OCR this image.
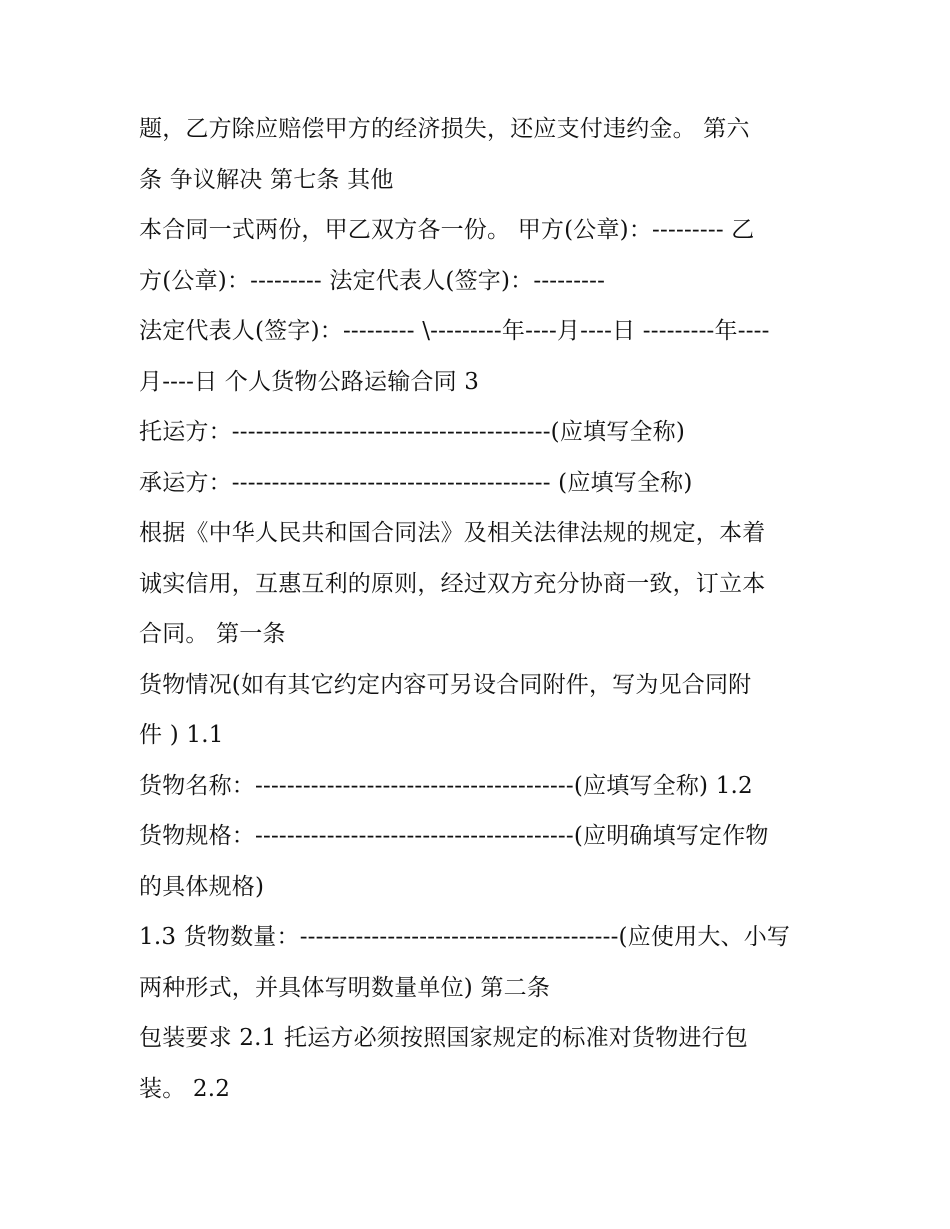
题，乙方除应赔偿甲方的经济损失，还应支付违约金。 第六
条 争议解决 第七条 其他
本合同一式两份，甲乙双方各一份。 甲方(公章)：--------- 乙
方(公章)：--------- 法定代表人(签字)：---------
法定代表人(签字)：--------- \---------年----月----日 ---------年----
月----日 个人货物公路运输合同 3
托运方：----------------------------------------(应填写全称)
承运方：---------------------------------------- (应填写全称)
根据《中华人民共和国合同法》及相关法律法规的规定，本着
诚实信用，互惠互利的原则，经过双方充分协商一致，订立本
合同。 第一条
货物情况(如有其它约定内容可另设合同附件，写为见合同附
件 ) 1.1
货物名称：----------------------------------------(应填写全称) 1.2
货物规格：----------------------------------------(应明确填写定作物
的具体规格)
1.3 货物数量：----------------------------------------(应使用大、小写
两种形式，并具体写明数量单位) 第二条
包装要求 2.1 托运方必须按照国家规定的标准对货物进行包
装。 2.2
